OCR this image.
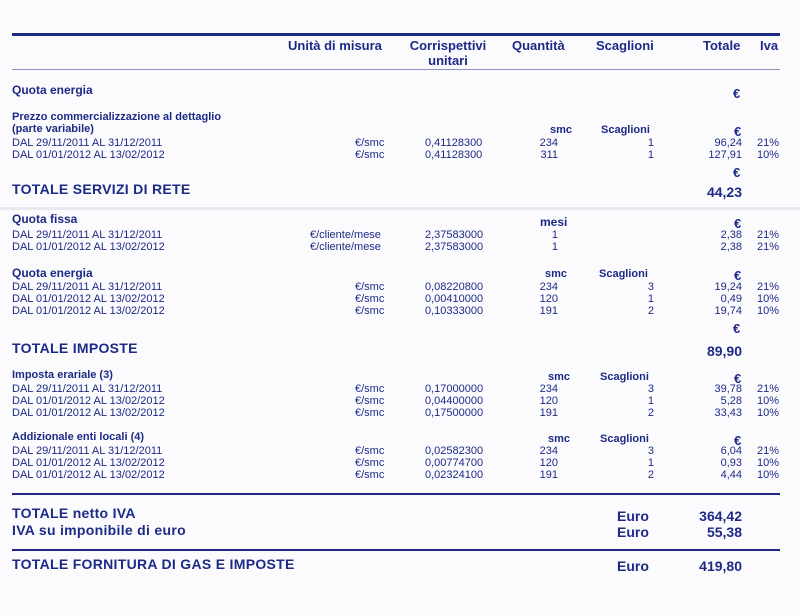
Unità di misura	Corrispettivi
unitari
Quantità Scaglioni	Totale Iva
Quota energia	€
Prezzo commercializzazione al dettaglio
(parte variabile)	smc	Scaglioni	€
DAL 29/11/2011 AL 31/12/2011	€/smc	0,41128300	234	1	96,24 21%
DAL 01/01/2012 AL 13/02/2012	€/smc	0,41128300	311	1	127,91 10%
€
TOTALE SERVIZI DI RETE	44,23
Quota fissa	mesi	€
DAL 29/11/2011 AL 31/12/2011	€/cliente/mese	2,37583000	1	2,38 21%
DAL 01/01/2012 AL 13/02/2012	€/cliente/mese	2,37583000	1	2,38 21%
Quota energia	smc	Scaglioni	€
DAL 29/11/2011 AL 31/12/2011	€/smc	0,08220800	234	3	19,24 21%
DAL 01/01/2012 AL 13/02/2012	€/smc	0,00410000	120	1	0,49 10%
DAL 01/01/2012 AL 13/02/2012	€/smc	0,10333000	191	2	19,74 10%
€
TOTALE IMPOSTE	89,90
Imposta erariale (3)	smc	Scaglioni	€
DAL 29/11/2011 AL 31/12/2011	€/smc	0,17000000	234	3	39,78 21%
DAL 01/01/2012 AL 13/02/2012	€/smc	0,04400000	120	1	5,28 10%
DAL 01/01/2012 AL 13/02/2012	€/smc	0,17500000	191	2	33,43 10%
Addizionale enti locali (4)	smc	Scaglioni	€
DAL 29/11/2011 AL 31/12/2011	€/smc	0,02582300	234	3	6,04 21%
DAL 01/01/2012 AL 13/02/2012	€/smc	0,00774700	120	1	0,93 10%
DAL 01/01/2012 AL 13/02/2012	€/smc	0,02324100	191	2	4,44 10%
TOTALE netto IVA	Euro	364,42
IVA su imponibile di euro	Euro	55,38
TOTALE FORNITURA DI GAS E IMPOSTE	Euro	419,80
